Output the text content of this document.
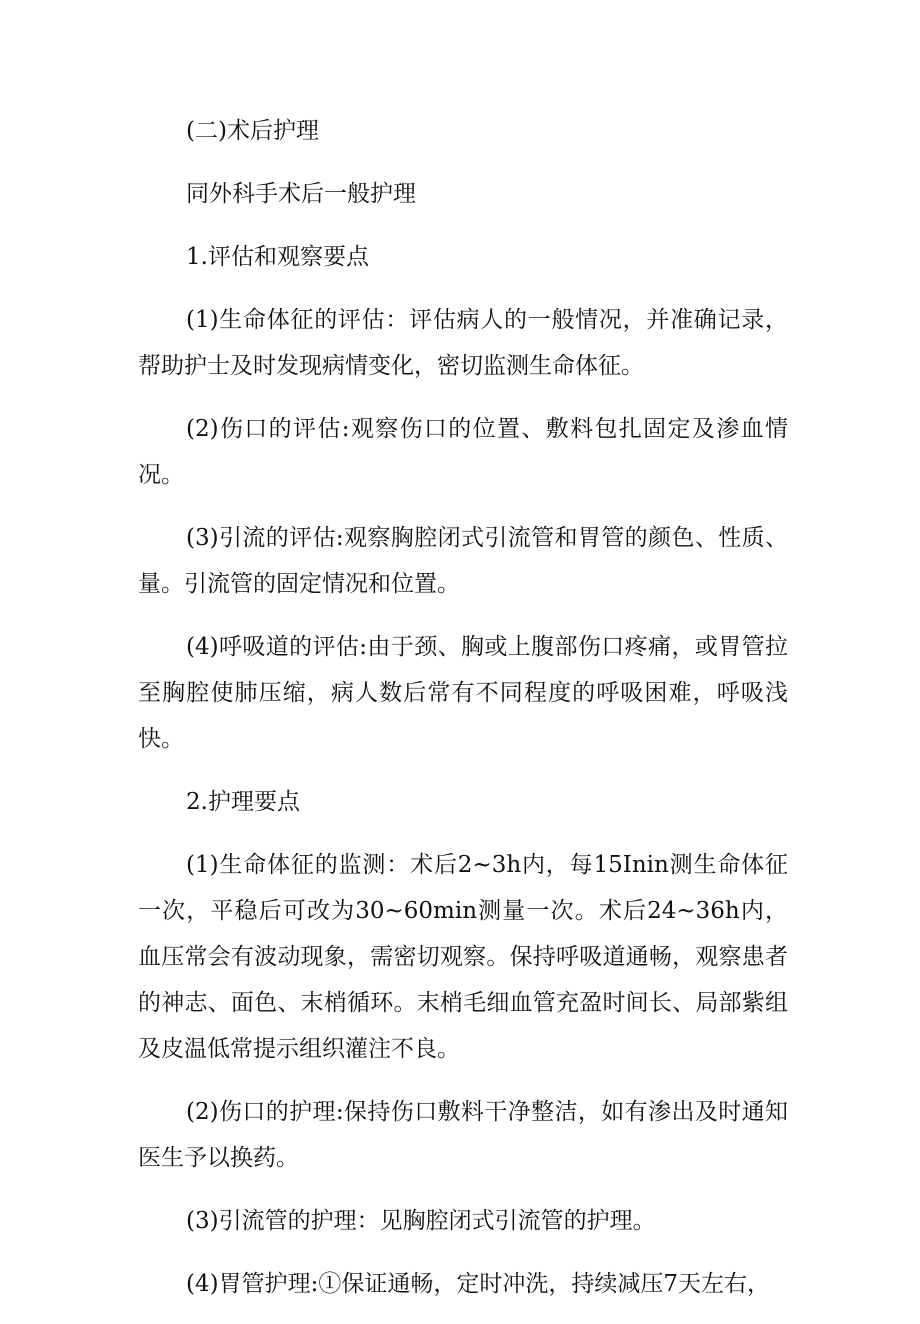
(二)术后护理

同外科手术后一般护理

1.评估和观察要点

(1)生命体征的评估：评估病人的一般情况，并准确记录，帮助护士及时发现病情变化，密切监测生命体征。

(2)伤口的评估:观察伤口的位置、敷料包扎固定及渗血情况。

(3)引流的评估:观察胸腔闭式引流管和胃管的颜色、性质、量。引流管的固定情况和位置。

(4)呼吸道的评估:由于颈、胸或上腹部伤口疼痛，或胃管拉至胸腔使肺压缩，病人数后常有不同程度的呼吸困难，呼吸浅快。

2.护理要点

(1)生命体征的监测：术后2~3h内，每15Inin测生命体征一次，平稳后可改为30~60min测量一次。术后24~36h内，血压常会有波动现象，需密切观察。保持呼吸道通畅，观察患者的神志、面色、末梢循环。末梢毛细血管充盈时间长、局部紫组及皮温低常提示组织灌注不良。

(2)伤口的护理:保持伤口敷料干净整洁，如有渗出及时通知医生予以换药。

(3)引流管的护理：见胸腔闭式引流管的护理。

(4)胃管护理:①保证通畅，定时冲洗，持续减压7天左右，
